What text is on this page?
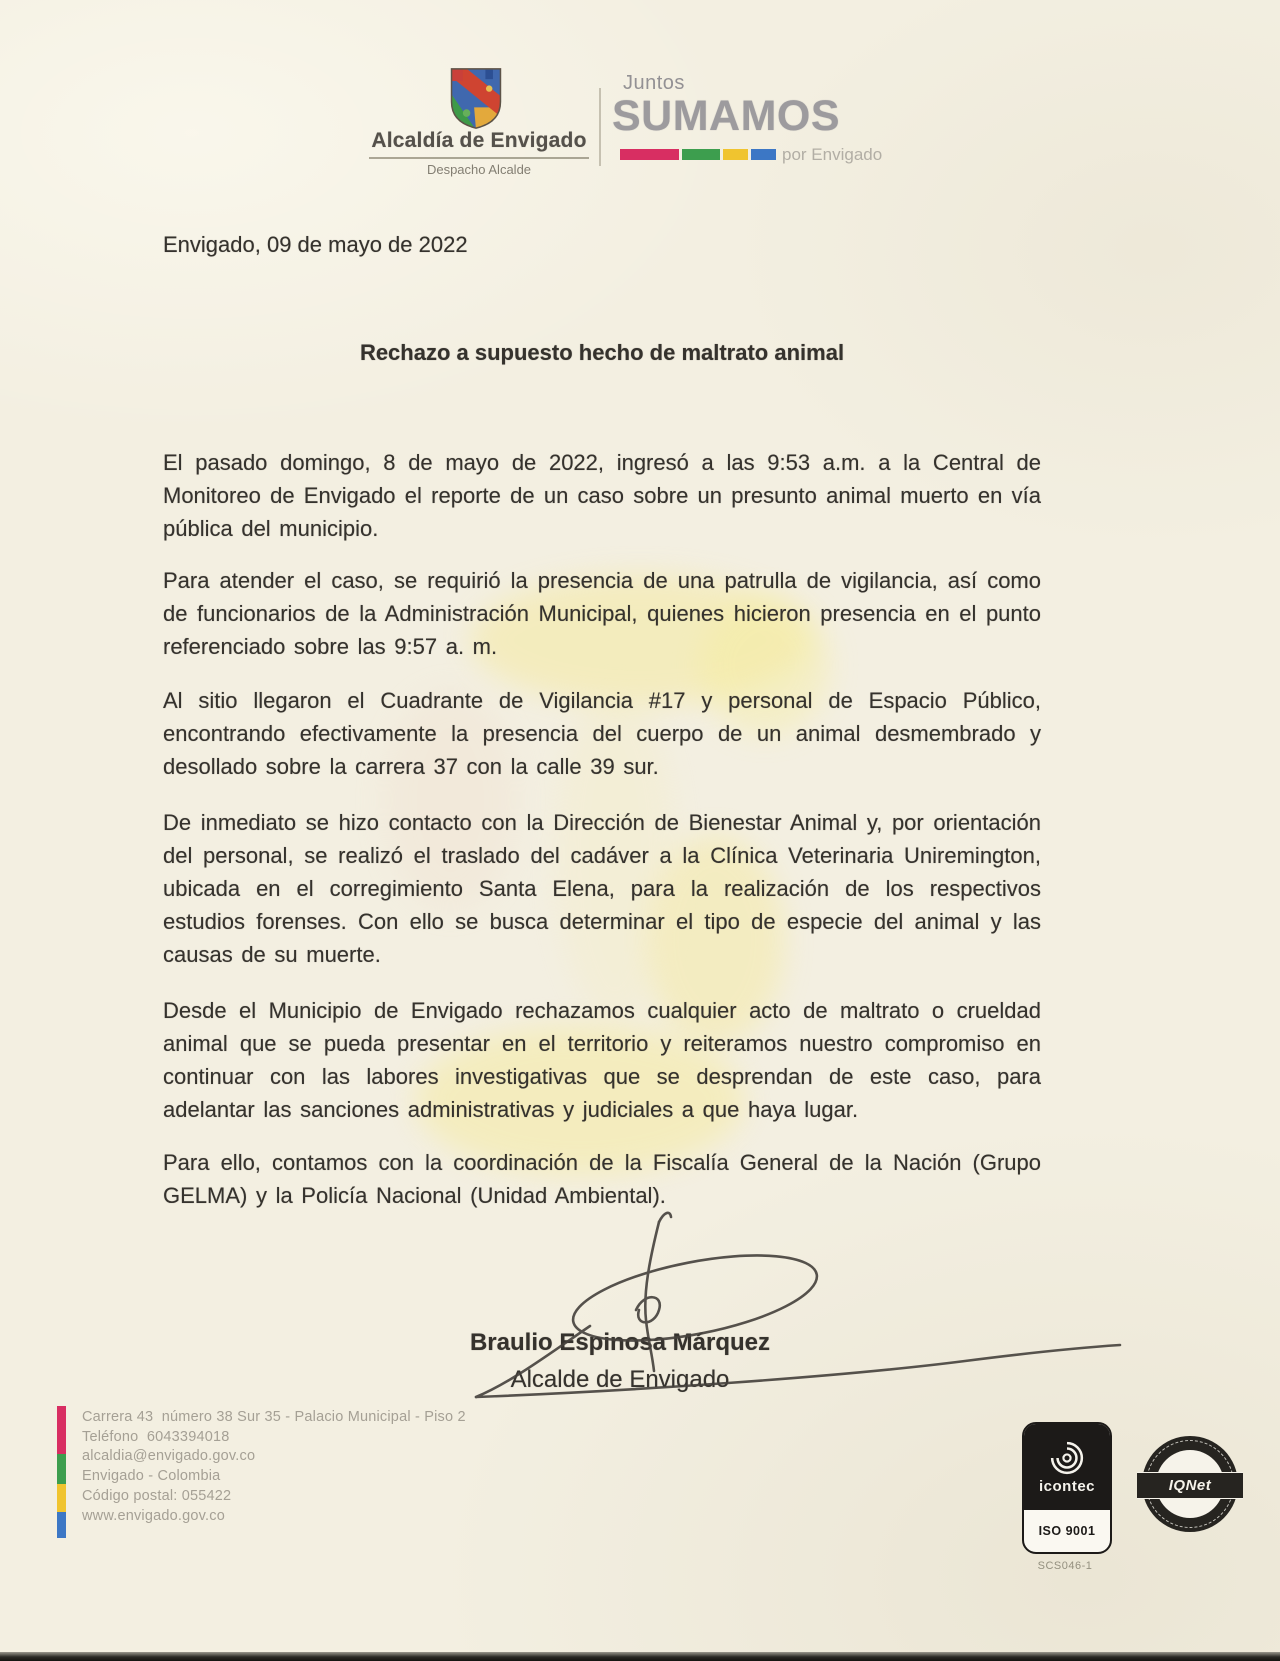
Alcaldía de Envigado
Despacho Alcalde
Juntos
SUMAMOS
por Envigado
Envigado, 09 de mayo de 2022
Rechazo a supuesto hecho de maltrato animal

El pasado domingo, 8 de mayo de 2022, ingresó a las 9:53 a.m. a la Central de Monitoreo de Envigado el reporte de un caso sobre un presunto animal muerto en vía pública del municipio.

Para atender el caso, se requirió la presencia de una patrulla de vigilancia, así como de funcionarios de la Administración Municipal, quienes hicieron presencia en el punto referenciado sobre las 9:57 a. m.

Al sitio llegaron el Cuadrante de Vigilancia #17 y personal de Espacio Público, encontrando efectivamente la presencia del cuerpo de un animal desmembrado y desollado sobre la carrera 37 con la calle 39 sur.

De inmediato se hizo contacto con la Dirección de Bienestar Animal y, por orientación del personal, se realizó el traslado del cadáver a la Clínica Veterinaria Uniremington, ubicada en el corregimiento Santa Elena, para la realización de los respectivos estudios forenses. Con ello se busca determinar el tipo de especie del animal y las causas de su muerte.

Desde el Municipio de Envigado rechazamos cualquier acto de maltrato o crueldad animal que se pueda presentar en el territorio y reiteramos nuestro compromiso en continuar con las labores investigativas que se desprendan de este caso, para adelantar las sanciones administrativas y judiciales a que haya lugar.

Para ello, contamos con la coordinación de la Fiscalía General de la Nación (Grupo GELMA) y la Policía Nacional (Unidad Ambiental).

Braulio Espinosa Márquez
Alcalde de Envigado
Carrera 43  número 38 Sur 35 - Palacio Municipal - Piso 2
Teléfono  6043394018
alcaldia@envigado.gov.co
Envigado - Colombia
Código postal: 055422
www.envigado.gov.co
icontec
ISO 9001
IQNet
SCS046-1
